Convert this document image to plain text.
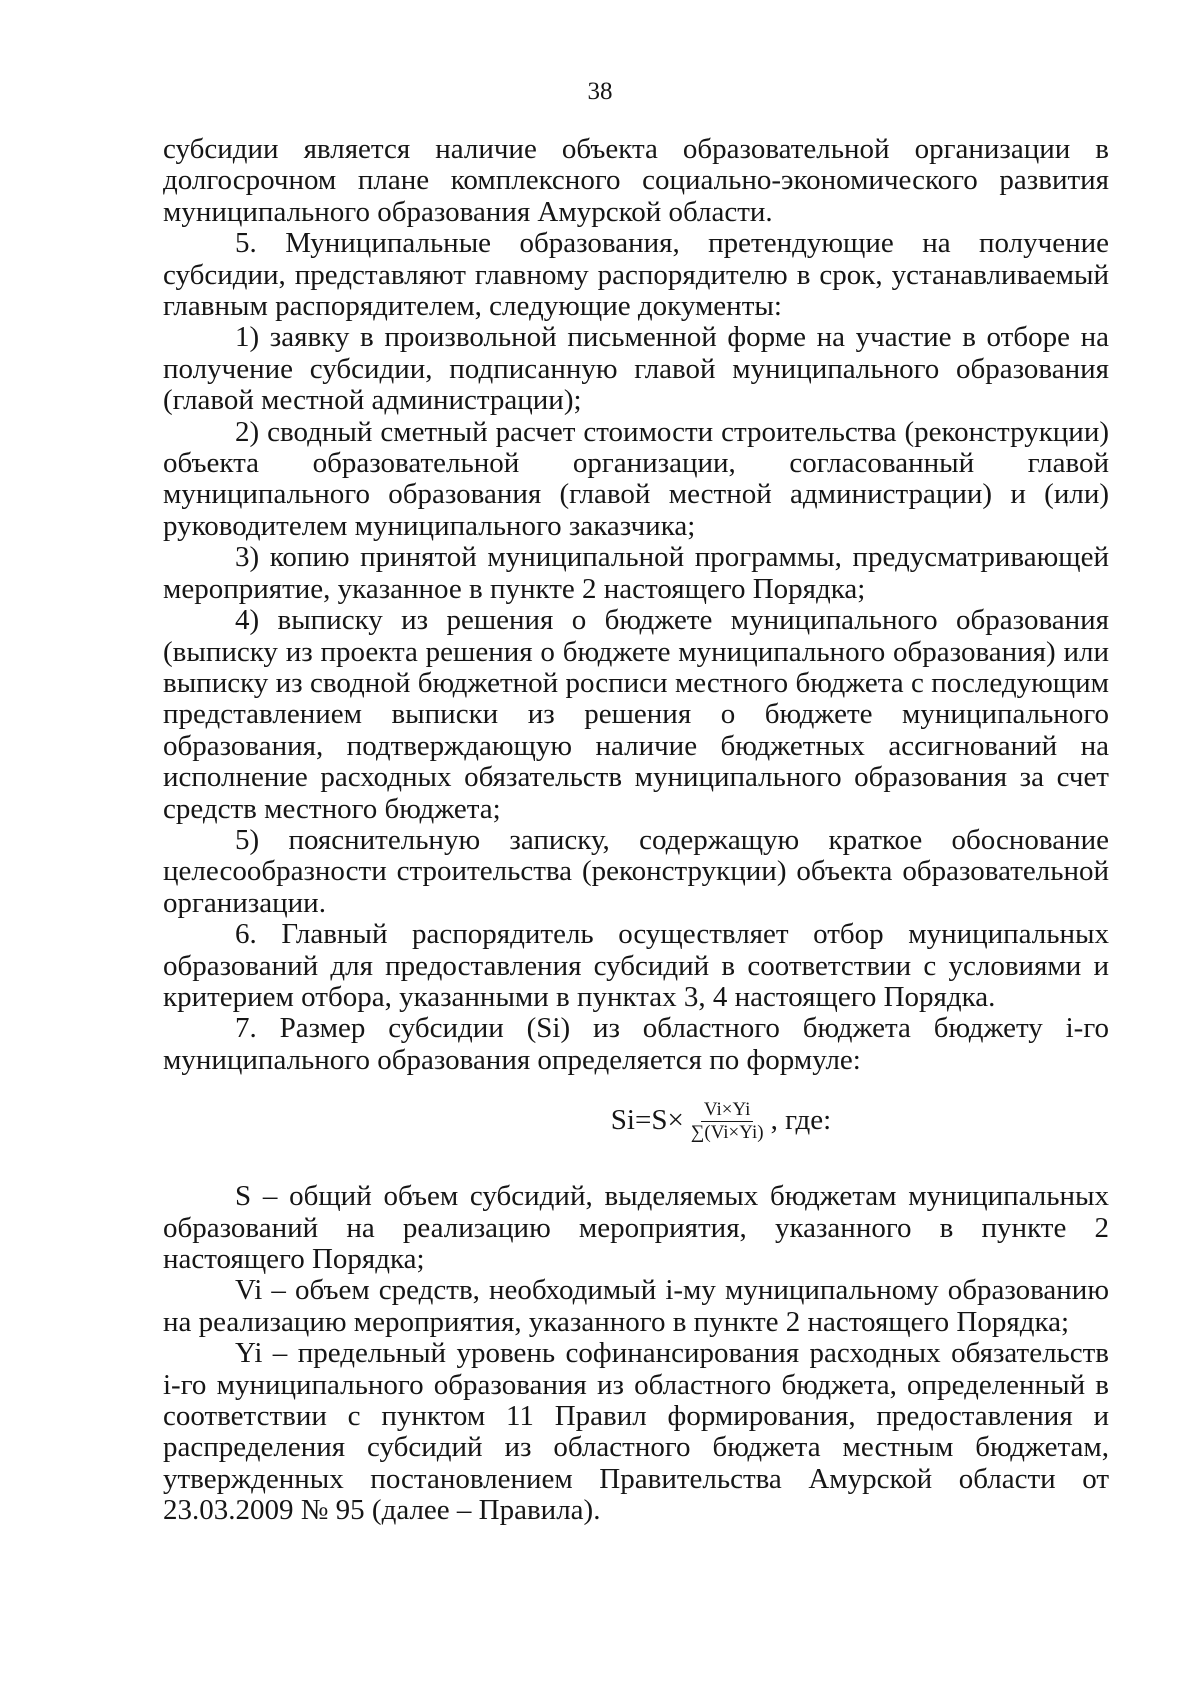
38

субсидии является наличие объекта образовательной организации в долгосрочном плане комплексного социально-экономического развития муниципального образования Амурской области.

5. Муниципальные образования, претендующие на получение субсидии, представляют главному распорядителю в срок, устанавливаемый главным распорядителем, следующие документы:

1) заявку в произвольной письменной форме на участие в отборе на получение субсидии, подписанную главой муниципального образования (главой местной администрации);

2) сводный сметный расчет стоимости строительства (реконструкции) объекта образовательной организации, согласованный главой муниципального образования (главой местной администрации) и (или) руководителем муниципального заказчика;

3) копию принятой муниципальной программы, предусматривающей мероприятие, указанное в пункте 2 настоящего Порядка;

4) выписку из решения о бюджете муниципального образования (выписку из проекта решения о бюджете муниципального образования) или выписку из сводной бюджетной росписи местного бюджета с последующим представлением выписки из решения о бюджете муниципального образования, подтверждающую наличие бюджетных ассигнований на исполнение расходных обязательств муниципального образования за счет средств местного бюджета;

5) пояснительную записку, содержащую краткое обоснование целесообразности строительства (реконструкции) объекта образовательной организации.

6. Главный распорядитель осуществляет отбор муниципальных образований для предоставления субсидий в соответствии с условиями и критерием отбора, указанными в пунктах 3, 4 настоящего Порядка.

7. Размер субсидии (Si) из областного бюджета бюджету i-го муниципального образования определяется по формуле:

$Si=S\times \frac{Vi\times Yi}{\sum(Vi\times Yi)}$ , где:

S – общий объем субсидий, выделяемых бюджетам муниципальных образований на реализацию мероприятия, указанного в пункте 2 настоящего Порядка;

Vi – объем средств, необходимый i-му муниципальному образованию на реализацию мероприятия, указанного в пункте 2 настоящего Порядка;

Yi – предельный уровень софинансирования расходных обязательств i-го муниципального образования из областного бюджета, определенный в соответствии с пунктом 11 Правил формирования, предоставления и распределения субсидий из областного бюджета местным бюджетам, утвержденных постановлением Правительства Амурской области от 23.03.2009 № 95 (далее – Правила).
